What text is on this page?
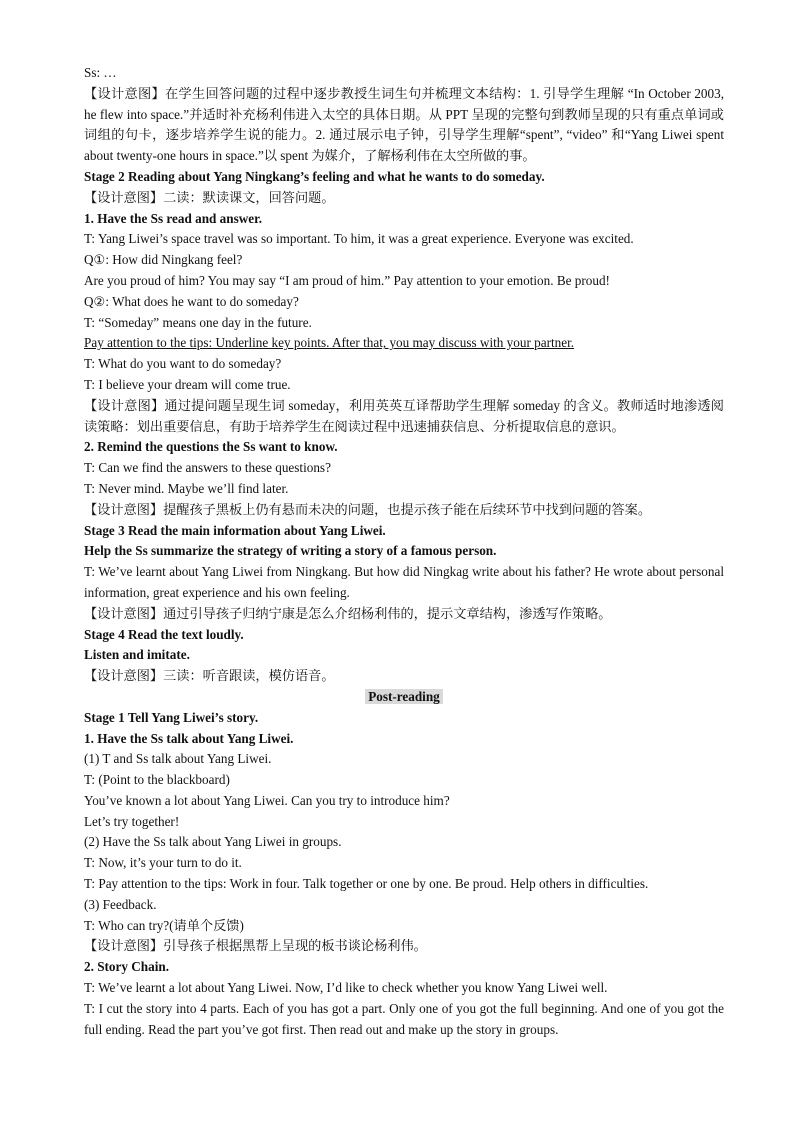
Ss: …
【设计意图】在学生回答问题的过程中逐步教授生词生句并梳理文本结构：1. 引导学生理解 “In October 2003, he flew into space.”并适时补充杨利伟进入太空的具体日期。从 PPT 呈现的完整句到教师呈现的只有重点单词或词组的句卡，逐步培养学生说的能力。2. 通过展示电子钟，引导学生理解“spent”, “video” 和“Yang Liwei spent about twenty-one hours in space.”以 spent 为媒介，了解杨利伟在太空所做的事。
Stage 2 Reading about Yang Ningkang’s feeling and what he wants to do someday.
【设计意图】二读：默读课文，回答问题。
1. Have the Ss read and answer.
T: Yang Liwei’s space travel was so important. To him, it was a great experience. Everyone was excited.
Q①: How did Ningkang feel?
Are you proud of him? You may say “I am proud of him.” Pay attention to your emotion. Be proud!
Q②: What does he want to do someday?
T: “Someday” means one day in the future.
Pay attention to the tips: Underline key points. After that, you may discuss with your partner.
T: What do you want to do someday?
T: I believe your dream will come true.
【设计意图】通过提问题呈现生词 someday，利用英英互译帮助学生理解 someday 的含义。教师适时地渗透阅读策略：划出重要信息，有助于培养学生在阅读过程中迅速捕获信息、分析提取信息的意识。
2. Remind the questions the Ss want to know.
T: Can we find the answers to these questions?
T: Never mind. Maybe we’ll find later.
【设计意图】提醒孩子黑板上仍有悬而未决的问题，也提示孩子能在后续环节中找到问题的答案。
Stage 3 Read the main information about Yang Liwei.
Help the Ss summarize the strategy of writing a story of a famous person.
T: We’ve learnt about Yang Liwei from Ningkang. But how did Ningkag write about his father? He wrote about personal information, great experience and his own feeling.
【设计意图】通过引导孩子归纳宁康是怎么介绍杨利伟的，提示文章结构，渗透写作策略。
Stage 4 Read the text loudly.
Listen and imitate.
【设计意图】三读：听音跟读，模仿语音。
Post-reading
Stage 1 Tell Yang Liwei’s story.
1. Have the Ss talk about Yang Liwei.
(1) T and Ss talk about Yang Liwei.
T: (Point to the blackboard)
You’ve known a lot about Yang Liwei. Can you try to introduce him?
Let’s try together!
(2) Have the Ss talk about Yang Liwei in groups.
T: Now, it’s your turn to do it.
T: Pay attention to the tips: Work in four. Talk together or one by one. Be proud. Help others in difficulties.
(3) Feedback.
T: Who can try?(请单个反馈)
【设计意图】引导孩子根据黑帮上呈现的板书谈论杨利伟。
2. Story Chain.
T: We’ve learnt a lot about Yang Liwei. Now, I’d like to check whether you know Yang Liwei well.
T: I cut the story into 4 parts. Each of you has got a part. Only one of you got the full beginning. And one of you got the full ending. Read the part you’ve got first. Then read out and make up the story in groups.
